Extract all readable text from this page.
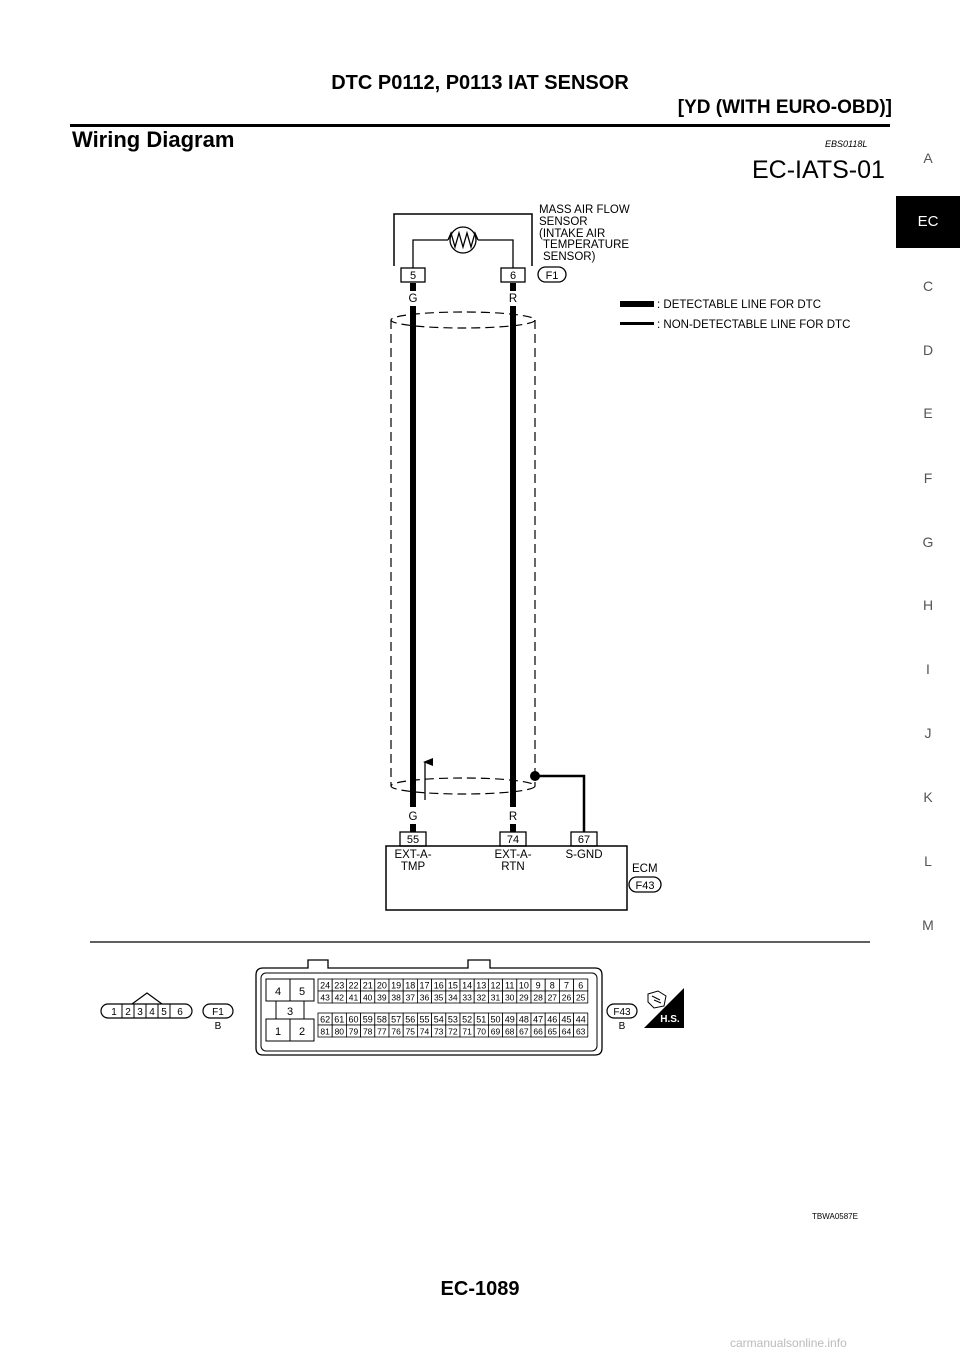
DTC P0112, P0113 IAT SENSOR
[YD (WITH EURO-OBD)]
Wiring Diagram	EBS0118L
EC-IATS-01	A
EC
C
D
E
F
G
H
I
J
K
L
M
MASS AIR FLOW
SENSOR
(INTAKE AIR
TEMPERATURE
SENSOR)
5	6	F1
G	R
G	R
: DETECTABLE LINE FOR DTC
: NON-DETECTABLE LINE FOR DTC
55	74	67
EXT-A-
TMP
EXT-A-
RTN
S-GND
ECM
F43
1 2 3 4 5 6	F1
B
4 5
3
1 2
24 23 22 21 20 19 18 17 16 15 14 13 12 11 10 9 8 7 6
43 42 41 40 39 38 37 36 35 34 33 32 31 30 29 28 27 26 25
62 61 60 59 58 57 56 55 54 53 52 51 50 49 48 47 46 45 44
81 80 79 78 77 76 75 74 73 72 71 70 69 68 67 66 65 64 63
F43
B
H.S.
TBWA0587E
EC-1089
carmanualsonline.info
